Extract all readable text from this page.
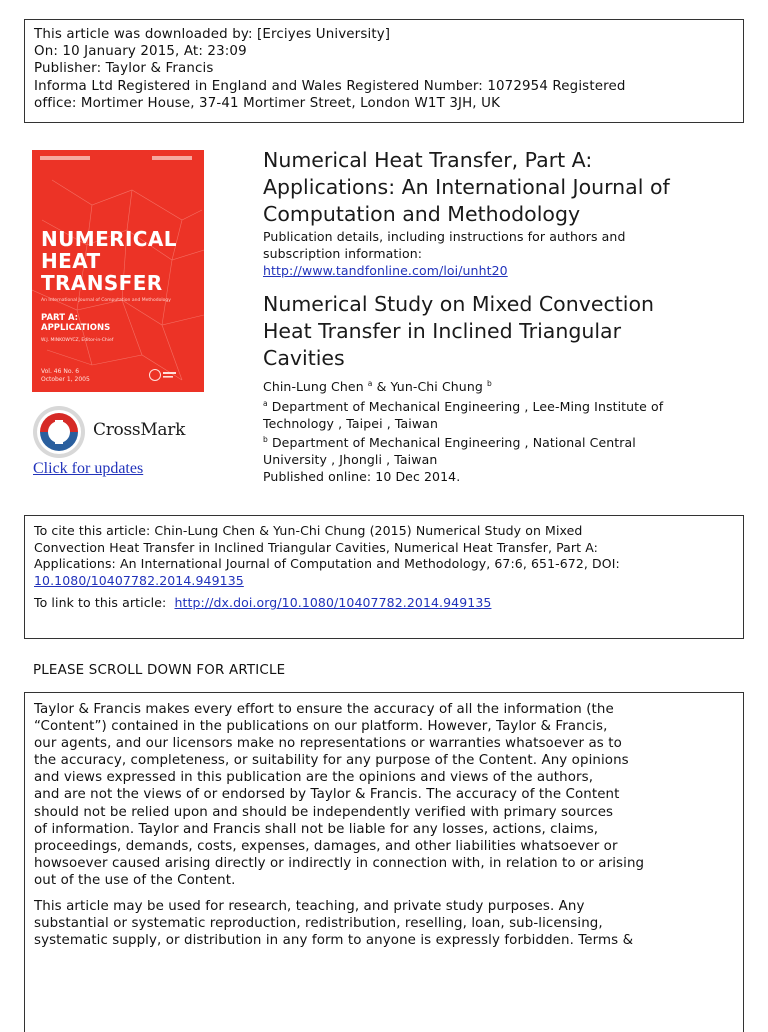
This article was downloaded by: [Erciyes University]
On: 10 January 2015, At: 23:09
Publisher: Taylor & Francis
Informa Ltd Registered in England and Wales Registered Number: 1072954 Registered
office: Mortimer House, 37-41 Mortimer Street, London W1T 3JH, UK
NUMERICAL
HEAT
TRANSFER
An International Journal of Computation and Methodology
PART A:
APPLICATIONS
W.J. MINKOWYCZ, Editor-in-Chief
Vol. 46 No. 6
October 1, 2005
CrossMark
Click for updates
Numerical Heat Transfer, Part A:
Applications: An International Journal of
Computation and Methodology
Publication details, including instructions for authors and
subscription information:
http://www.tandfonline.com/loi/unht20
Numerical Study on Mixed Convection
Heat Transfer in Inclined Triangular
Cavities
Chin-Lung Chen $^a$ & Yun-Chi Chung $^b$
$^a$ Department of Mechanical Engineering , Lee-Ming Institute of
Technology , Taipei , Taiwan
$^b$ Department of Mechanical Engineering , National Central
University , Jhongli , Taiwan
Published online: 10 Dec 2014.
To cite this article: Chin-Lung Chen & Yun-Chi Chung (2015) Numerical Study on Mixed
Convection Heat Transfer in Inclined Triangular Cavities, Numerical Heat Transfer, Part A:
Applications: An International Journal of Computation and Methodology, 67:6, 651-672, DOI:
10.1080/10407782.2014.949135
To link to this article:  http://dx.doi.org/10.1080/10407782.2014.949135
PLEASE SCROLL DOWN FOR ARTICLE
Taylor & Francis makes every effort to ensure the accuracy of all the information (the
“Content”) contained in the publications on our platform. However, Taylor & Francis,
our agents, and our licensors make no representations or warranties whatsoever as to
the accuracy, completeness, or suitability for any purpose of the Content. Any opinions
and views expressed in this publication are the opinions and views of the authors,
and are not the views of or endorsed by Taylor & Francis. The accuracy of the Content
should not be relied upon and should be independently verified with primary sources
of information. Taylor and Francis shall not be liable for any losses, actions, claims,
proceedings, demands, costs, expenses, damages, and other liabilities whatsoever or
howsoever caused arising directly or indirectly in connection with, in relation to or arising
out of the use of the Content.
This article may be used for research, teaching, and private study purposes. Any
substantial or systematic reproduction, redistribution, reselling, loan, sub-licensing,
systematic supply, or distribution in any form to anyone is expressly forbidden. Terms &
